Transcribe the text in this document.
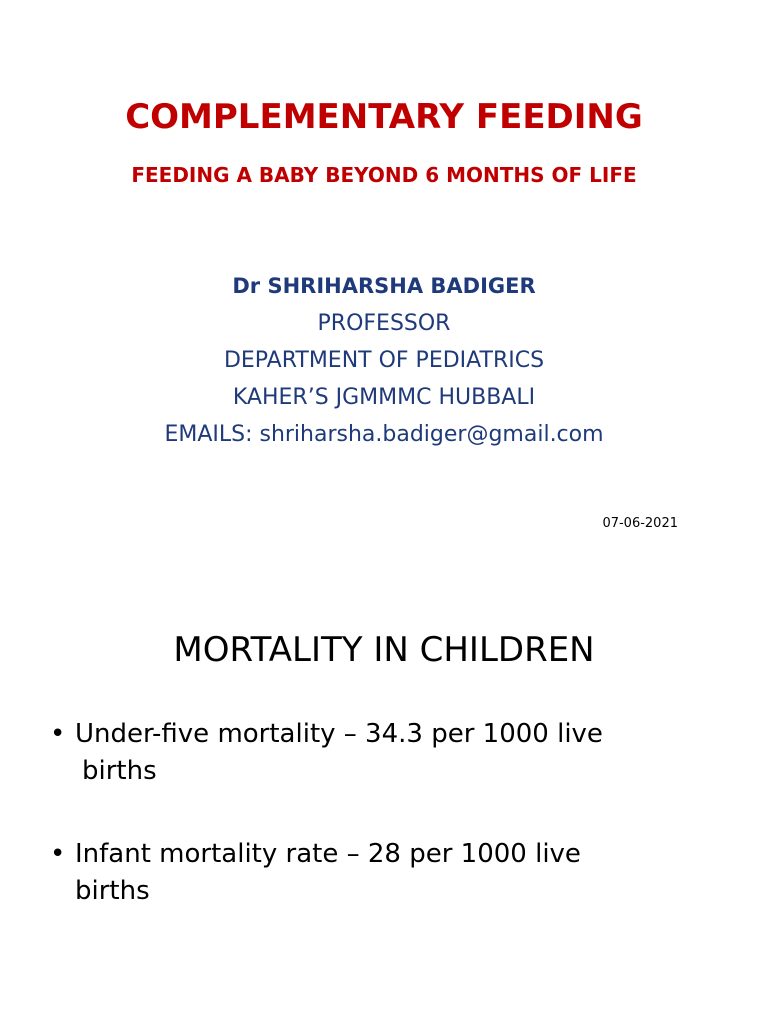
COMPLEMENTARY FEEDING
FEEDING A BABY BEYOND 6 MONTHS OF LIFE
Dr SHRIHARSHA BADIGER
PROFESSOR
DEPARTMENT OF PEDIATRICS
KAHER’S JGMMMC HUBBALI
EMAILS: shriharsha.badiger@gmail.com
07-06-2021
MORTALITY IN CHILDREN
• Under-five mortality – 34.3 per 1000 live
births
• Infant mortality rate – 28 per 1000 live
births
